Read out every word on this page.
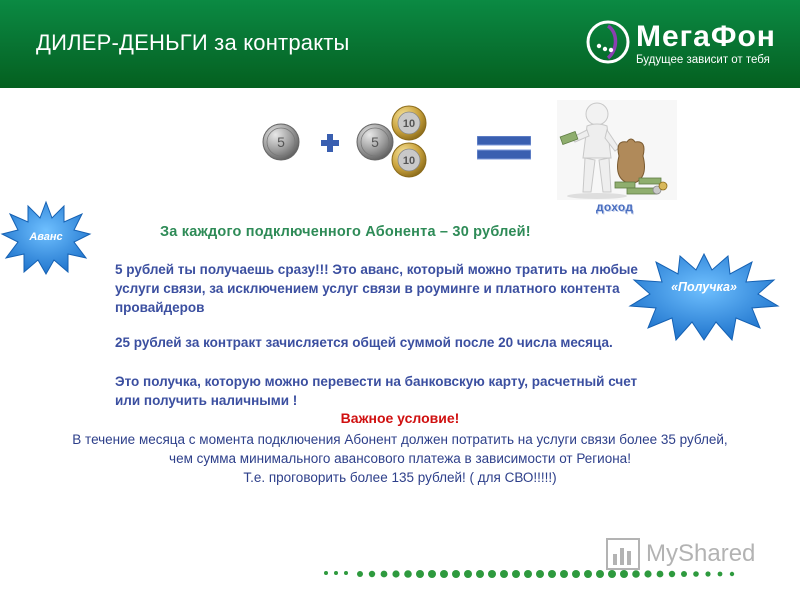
ДИЛЕР-ДЕНЬГИ за контракты	МегаФон
Будущее зависит от тебя
5	5
10
10
доход
Аванс
«Получка»
За каждого подключенного Абонента – 30 рублей!
5 рублей ты получаешь сразу!!! Это аванс, который можно тратить на любые услуги связи, за исключением услуг связи в роуминге и платного контента провайдеров
25 рублей за контракт зачисляется общей суммой после 20 числа месяца.
Это получка, которую можно перевести на банковскую карту, расчетный счет или получить наличными !
Важное условие!
В течение месяца с момента подключения Абонент должен потратить на услуги связи более 35 рублей, чем сумма минимального авансового платежа в зависимости от Региона!
Т.е. проговорить более 135 рублей! ( для СВО!!!!!)
MyShared
